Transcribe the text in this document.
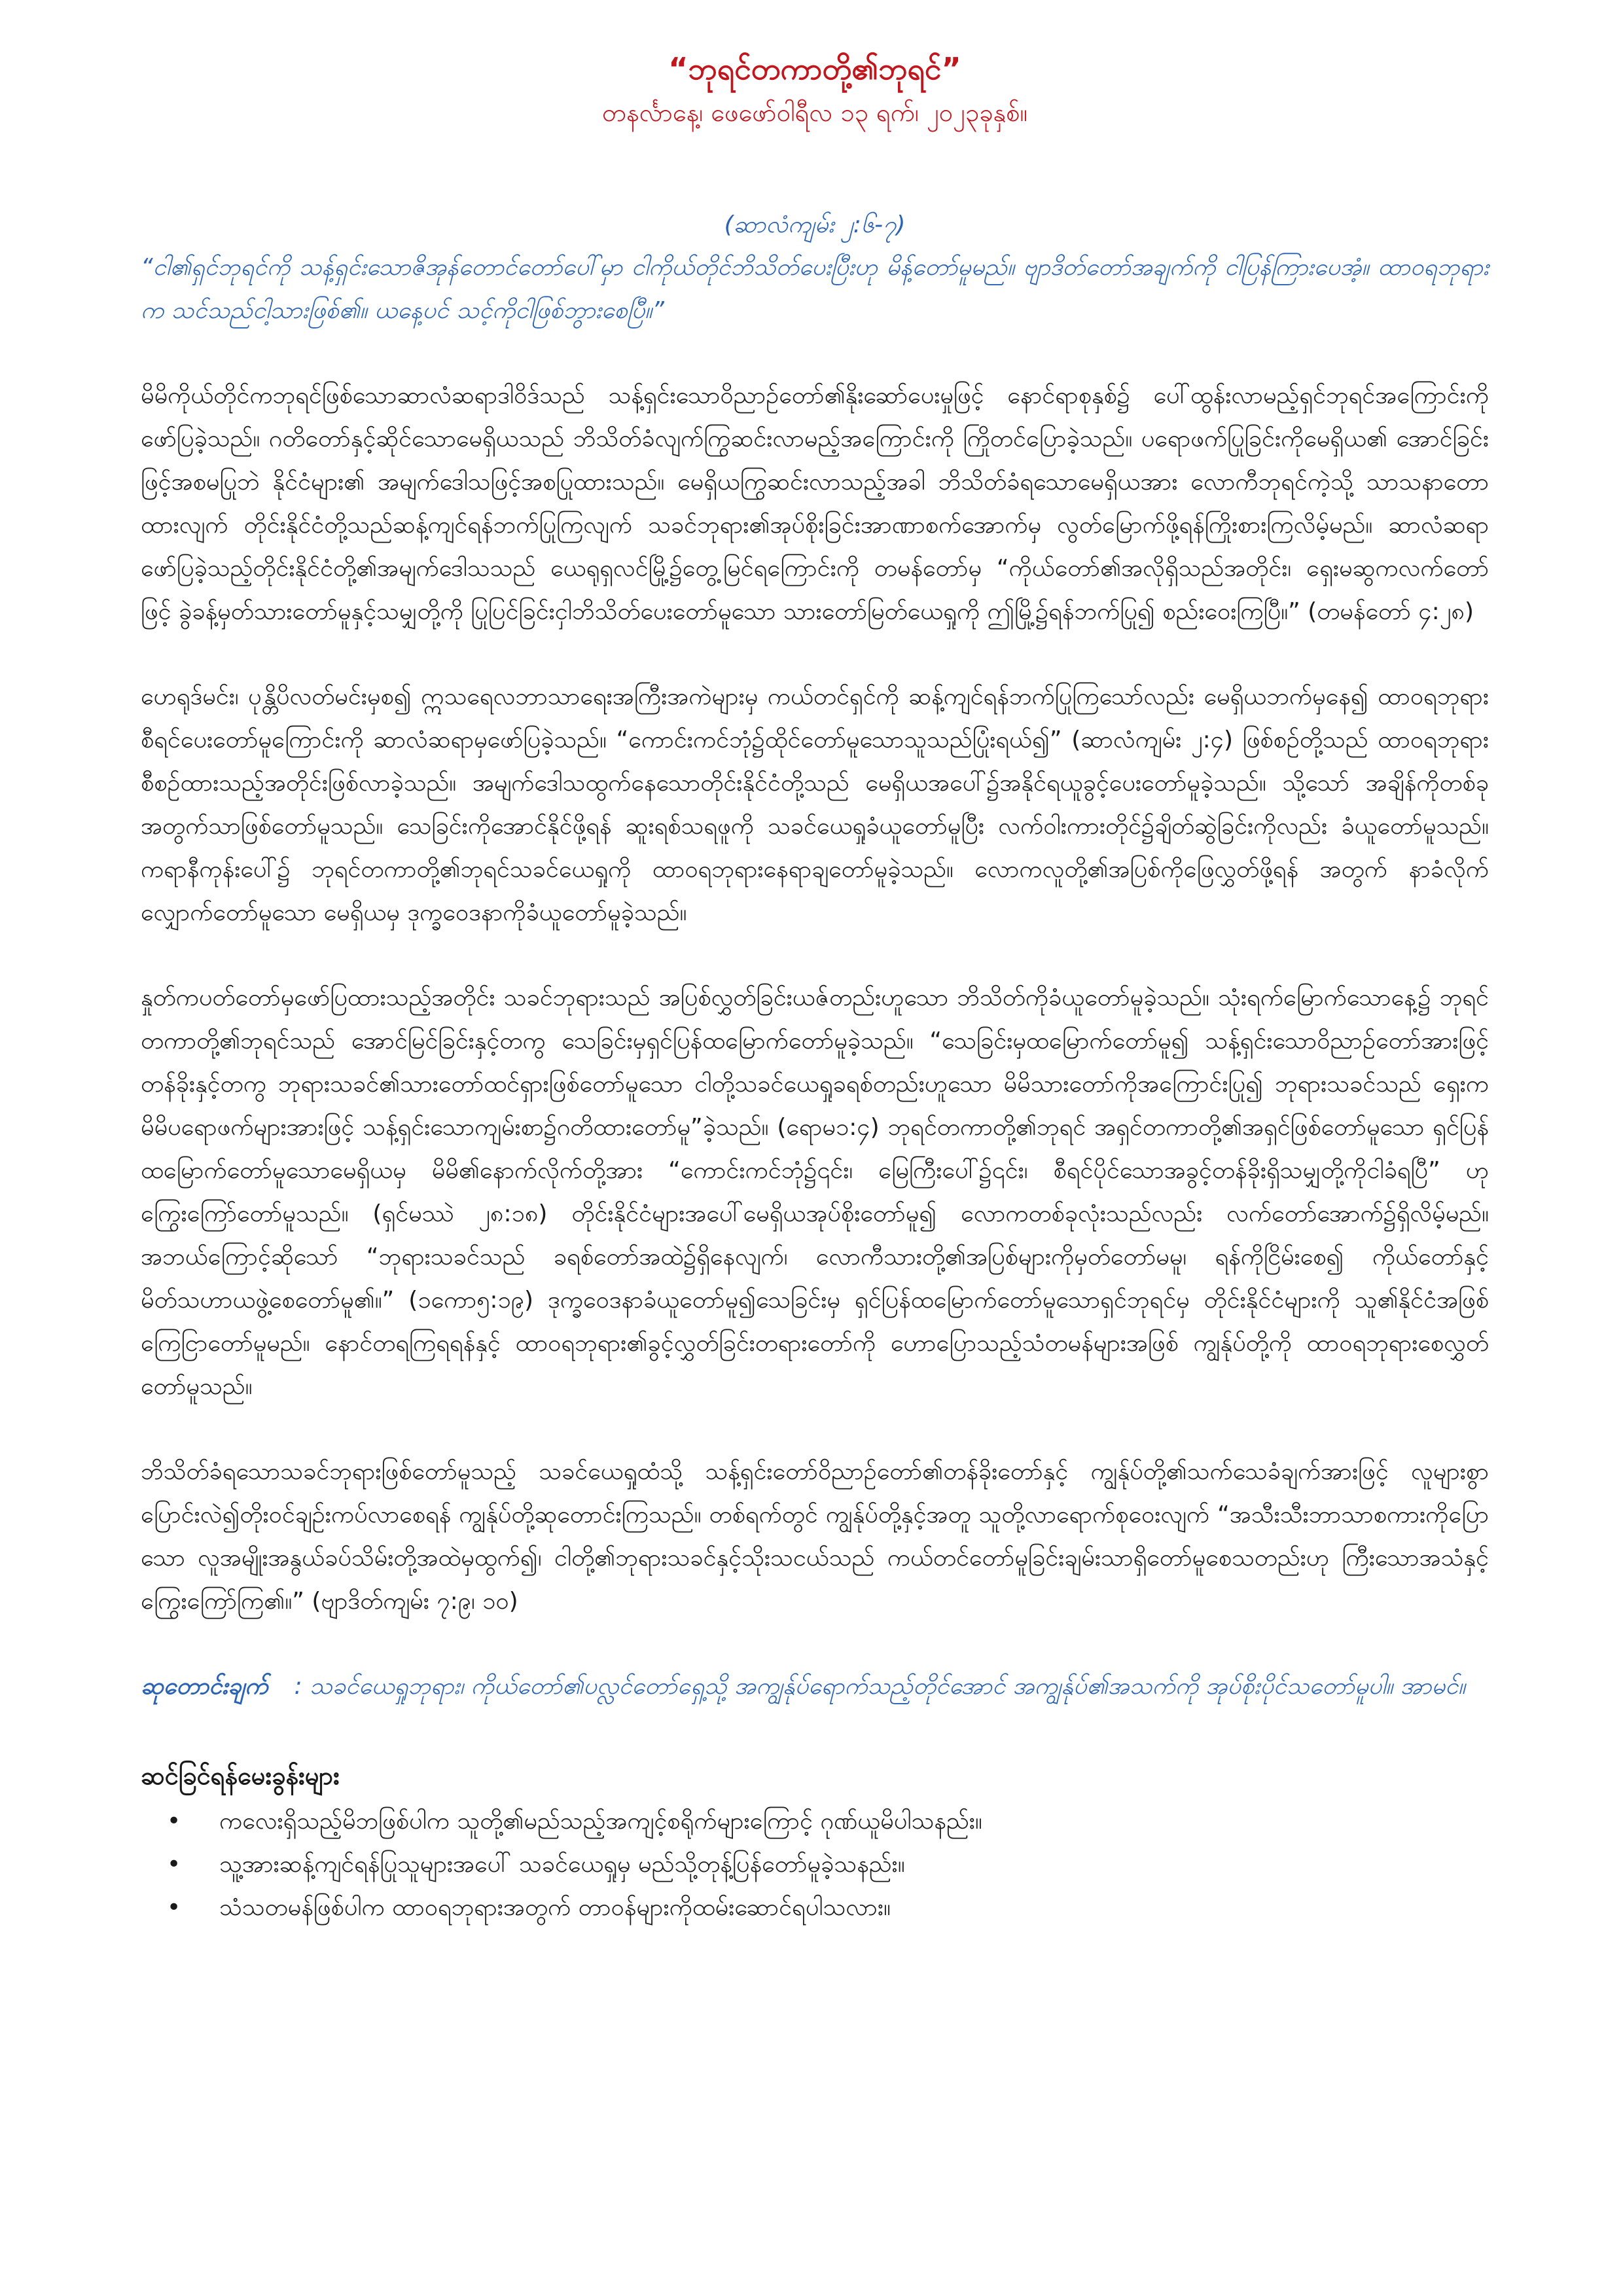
“ဘုရင်တကာတို့၏ဘုရင်”

တနင်္လာနေ့၊ ဖေဖော်ဝါရီလ ၁၃ ရက်၊ ၂၀၂၃ခုနှစ်။

(ဆာလံကျမ်း ၂:၆-၇)

“ငါ၏ရှင်ဘုရင်ကို သန့်ရှင်းသောဇိအုန်တောင်တော်ပေါ်မှာ ငါကိုယ်တိုင်ဘိသိတ်ပေးပြီးဟု မိန့်တော်မူမည်။ ဗျာဒိတ်တော်အချက်ကို ငါပြန်ကြားပေအံ့။ ထာဝရဘုရားက သင်သည်ငါ့သားဖြစ်၏။ ယနေ့ပင် သင့်ကိုငါဖြစ်ဘွားစေပြီ။”

မိမိကိုယ်တိုင်ကဘုရင်ဖြစ်သောဆာလံဆရာဒါဝိဒ်သည် သန့်ရှင်းသောဝိညာဉ်တော်၏နိုးဆော်ပေးမှုဖြင့် နောင်ရာစုနှစ်၌ ပေါ်ထွန်းလာမည့်ရှင်ဘုရင်အကြောင်းကို ဖော်ပြခဲ့သည်။ ဂတိတော်နှင့်ဆိုင်သောမေရှိယသည် ဘိသိတ်ခံလျက်ကြွဆင်းလာမည့်အကြောင်းကို ကြိုတင်ပြောခဲ့သည်။ ပရောဖက်ပြုခြင်းကိုမေရှိယ၏ အောင်ခြင်းဖြင့်အစမပြုဘဲ နိုင်ငံများ၏ အမျက်ဒေါသဖြင့်အစပြုထားသည်။ မေရှိယကြွဆင်းလာသည့်အခါ ဘိသိတ်ခံရသောမေရှိယအား လောကီဘုရင်ကဲ့သို့ သာသနာတောထားလျက် တိုင်းနိုင်ငံတို့သည်ဆန့်ကျင်ရန်ဘက်ပြုကြလျက် သခင်ဘုရား၏အုပ်စိုးခြင်းအာဏာစက်အောက်မှ လွတ်မြောက်ဖို့ရန်ကြိုးစားကြလိမ့်မည်။ ဆာလံဆရာဖော်ပြခဲ့သည့်တိုင်းနိုင်ငံတို့၏အမျက်ဒေါသသည် ယေရုရှလင်မြို့၌တွေ့မြင်ရကြောင်းကို တမန်တော်မှ “ကိုယ်တော်၏အလိုရှိသည်အတိုင်း၊ ရှေးမဆွကလက်တော်ဖြင့် ခွဲခန့်မှတ်သားတော်မူနှင့်သမျှတို့ကို ပြုပြင်ခြင်းငှါဘိသိတ်ပေးတော်မူသော သားတော်မြတ်ယေရှုကို ဤမြို့၌ရန်ဘက်ပြု၍ စည်းဝေးကြပြီ။” (တမန်တော် ၄:၂၈)

ဟေရုဒ်မင်း၊ ပုန္တိပိလတ်မင်းမှစ၍ ဣသရေလဘာသာရေးအကြီးအကဲများမှ ကယ်တင်ရှင်ကို ဆန့်ကျင်ရန်ဘက်ပြုကြသော်လည်း မေရှိယဘက်မှနေ၍ ထာဝရဘုရားစီရင်ပေးတော်မူကြောင်းကို ဆာလံဆရာမှဖော်ပြခဲ့သည်။ “ကောင်းကင်ဘုံ၌ထိုင်တော်မူသောသူသည်ပြုံးရယ်၍” (ဆာလံကျမ်း ၂:၄) ဖြစ်စဉ်တို့သည် ထာဝရဘုရားစီစဉ်ထားသည့်အတိုင်းဖြစ်လာခဲ့သည်။ အမျက်ဒေါသထွက်နေသောတိုင်းနိုင်ငံတို့သည် မေရှိယအပေါ်၌အနိုင်ရယူခွင့်ပေးတော်မူခဲ့သည်။ သို့သော် အချိန်ကိုတစ်ခုအတွက်သာဖြစ်တော်မူသည်။ သေခြင်းကိုအောင်နိုင်ဖို့ရန် ဆူးရစ်သရဖူကို သခင်ယေရှုခံယူတော်မူပြီး လက်ဝါးကားတိုင်၌ချိတ်ဆွဲခြင်းကိုလည်း ခံယူတော်မူသည်။ ကရာနီကုန်းပေါ်၌ ဘုရင်တကာတို့၏ဘုရင်သခင်ယေရှုကို ထာဝရဘုရားနေရာချတော်မူခဲ့သည်။ လောကလူတို့၏အပြစ်ကိုဖြေလွှတ်ဖို့ရန် အတွက် နာခံလိုက်လျှောက်တော်မူသော မေရှိယမှ ဒုက္ခဝေဒနာကိုခံယူတော်မူခဲ့သည်။

နှုတ်ကပတ်တော်မှဖော်ပြထားသည့်အတိုင်း သခင်ဘုရားသည် အပြစ်လွှတ်ခြင်းယဇ်တည်းဟူသော ဘိသိတ်ကိုခံယူတော်မူခဲ့သည်။ သုံးရက်မြောက်သောနေ့၌ ဘုရင်တကာတို့၏ဘုရင်သည် အောင်မြင်ခြင်းနှင့်တကွ သေခြင်းမှရှင်ပြန်ထမြောက်တော်မူခဲ့သည်။ “သေခြင်းမှထမြောက်တော်မူ၍ သန့်ရှင်းသောဝိညာဉ်တော်အားဖြင့် တန်ခိုးနှင့်တကွ ဘုရားသခင်၏သားတော်ထင်ရှားဖြစ်တော်မူသော ငါတို့သခင်ယေရှုခရစ်တည်းဟူသော မိမိသားတော်ကိုအကြောင်းပြု၍ ဘုရားသခင်သည် ရှေးကမိမိပရောဖက်များအားဖြင့် သန့်ရှင်းသောကျမ်းစာ၌ဂတိထားတော်မူ”ခဲ့သည်။ (ရောမ၁:၄) ဘုရင်တကာတို့၏ဘုရင် အရှင်တကာတို့၏အရှင်ဖြစ်တော်မူသော ရှင်ပြန်ထမြောက်တော်မူသောမေရှိယမှ မိမိ၏နောက်လိုက်တို့အား “ကောင်းကင်ဘုံ၌၎င်း၊ မြေကြီးပေါ်၌၎င်း၊ စီရင်ပိုင်သောအခွင့်တန်ခိုးရှိသမျှတို့ကိုငါခံရပြီ” ဟုကြွေးကြော်တော်မူသည်။ (ရှင်မဿဲ ၂၈:၁၈) တိုင်းနိုင်ငံများအပေါ်မေရှိယအုပ်စိုးတော်မူ၍ လောကတစ်ခုလုံးသည်လည်း လက်တော်အောက်၌ရှိလိမ့်မည်။ အဘယ်ကြောင့်ဆိုသော် “ဘုရားသခင်သည် ခရစ်တော်အထဲ၌ရှိနေလျက်၊ လောကီသားတို့၏အပြစ်များကိုမှတ်တော်မမူ၊ ရန်ကိုငြိမ်းစေ၍ ကိုယ်တော်နှင့်မိတ်သဟာယဖွဲ့စေတော်မူ၏။” (၁ကော၅:၁၉) ဒုက္ခဝေဒနာခံယူတော်မူ၍သေခြင်းမှ ရှင်ပြန်ထမြောက်တော်မူသောရှင်ဘုရင်မှ တိုင်းနိုင်ငံများကို သူ၏နိုင်ငံအဖြစ်ကြေငြာတော်မူမည်။ နောင်တရကြရရန်နှင့် ထာဝရဘုရား၏ခွင့်လွှတ်ခြင်းတရားတော်ကို ဟောပြောသည့်သံတမန်များအဖြစ် ကျွန်ုပ်တို့ကို ထာဝရဘုရားစေလွှတ်တော်မူသည်။

ဘိသိတ်ခံရသောသခင်ဘုရားဖြစ်တော်မူသည့် သခင်ယေရှုထံသို့ သန့်ရှင်းတော်ဝိညာဉ်တော်၏တန်ခိုးတော်နှင့် ကျွန်ုပ်တို့၏သက်သေခံချက်အားဖြင့် လူများစွာ ပြောင်းလဲ၍တိုးဝင်ချဉ်းကပ်လာစေရန် ကျွန်ုပ်တို့ဆုတောင်းကြသည်။ တစ်ရက်တွင် ကျွန်ုပ်တို့နှင့်အတူ သူတို့လာရောက်စုဝေးလျက် “အသီးသီးဘာသာစကားကိုပြောသော လူအမျိုးအနွယ်ခပ်သိမ်းတို့အထဲမှထွက်၍၊ ငါတို့၏ဘုရားသခင်နှင့်သိုးသငယ်သည် ကယ်တင်တော်မူခြင်းချမ်းသာရှိတော်မူစေသတည်းဟု ကြီးသောအသံနှင့်ကြွေးကြော်ကြ၏။” (ဗျာဒိတ်ကျမ်း ၇:၉၊ ၁၀)

ဆုတောင်းချက် : သခင်ယေရှုဘုရား၊ ကိုယ်တော်၏ပလ္လင်တော်ရှေ့သို့ အကျွန်ုပ်ရောက်သည့်တိုင်အောင် အကျွန်ုပ်၏အသက်ကို အုပ်စိုးပိုင်သတော်မူပါ။ အာမင်။

ဆင်ခြင်ရန်မေးခွန်းများ

• ကလေးရှိသည့်မိဘဖြစ်ပါက သူတို့၏မည်သည့်အကျင့်စရိုက်များကြောင့် ဂုဏ်ယူမိပါသနည်း။
• သူ့အားဆန့်ကျင်ရန်ပြုသူများအပေါ် သခင်ယေရှုမှ မည်သို့တုန့်ပြန်တော်မူခဲ့သနည်း။
• သံသတမန်ဖြစ်ပါက ထာဝရဘုရားအတွက် တာဝန်များကိုထမ်းဆောင်ရပါသလား။
